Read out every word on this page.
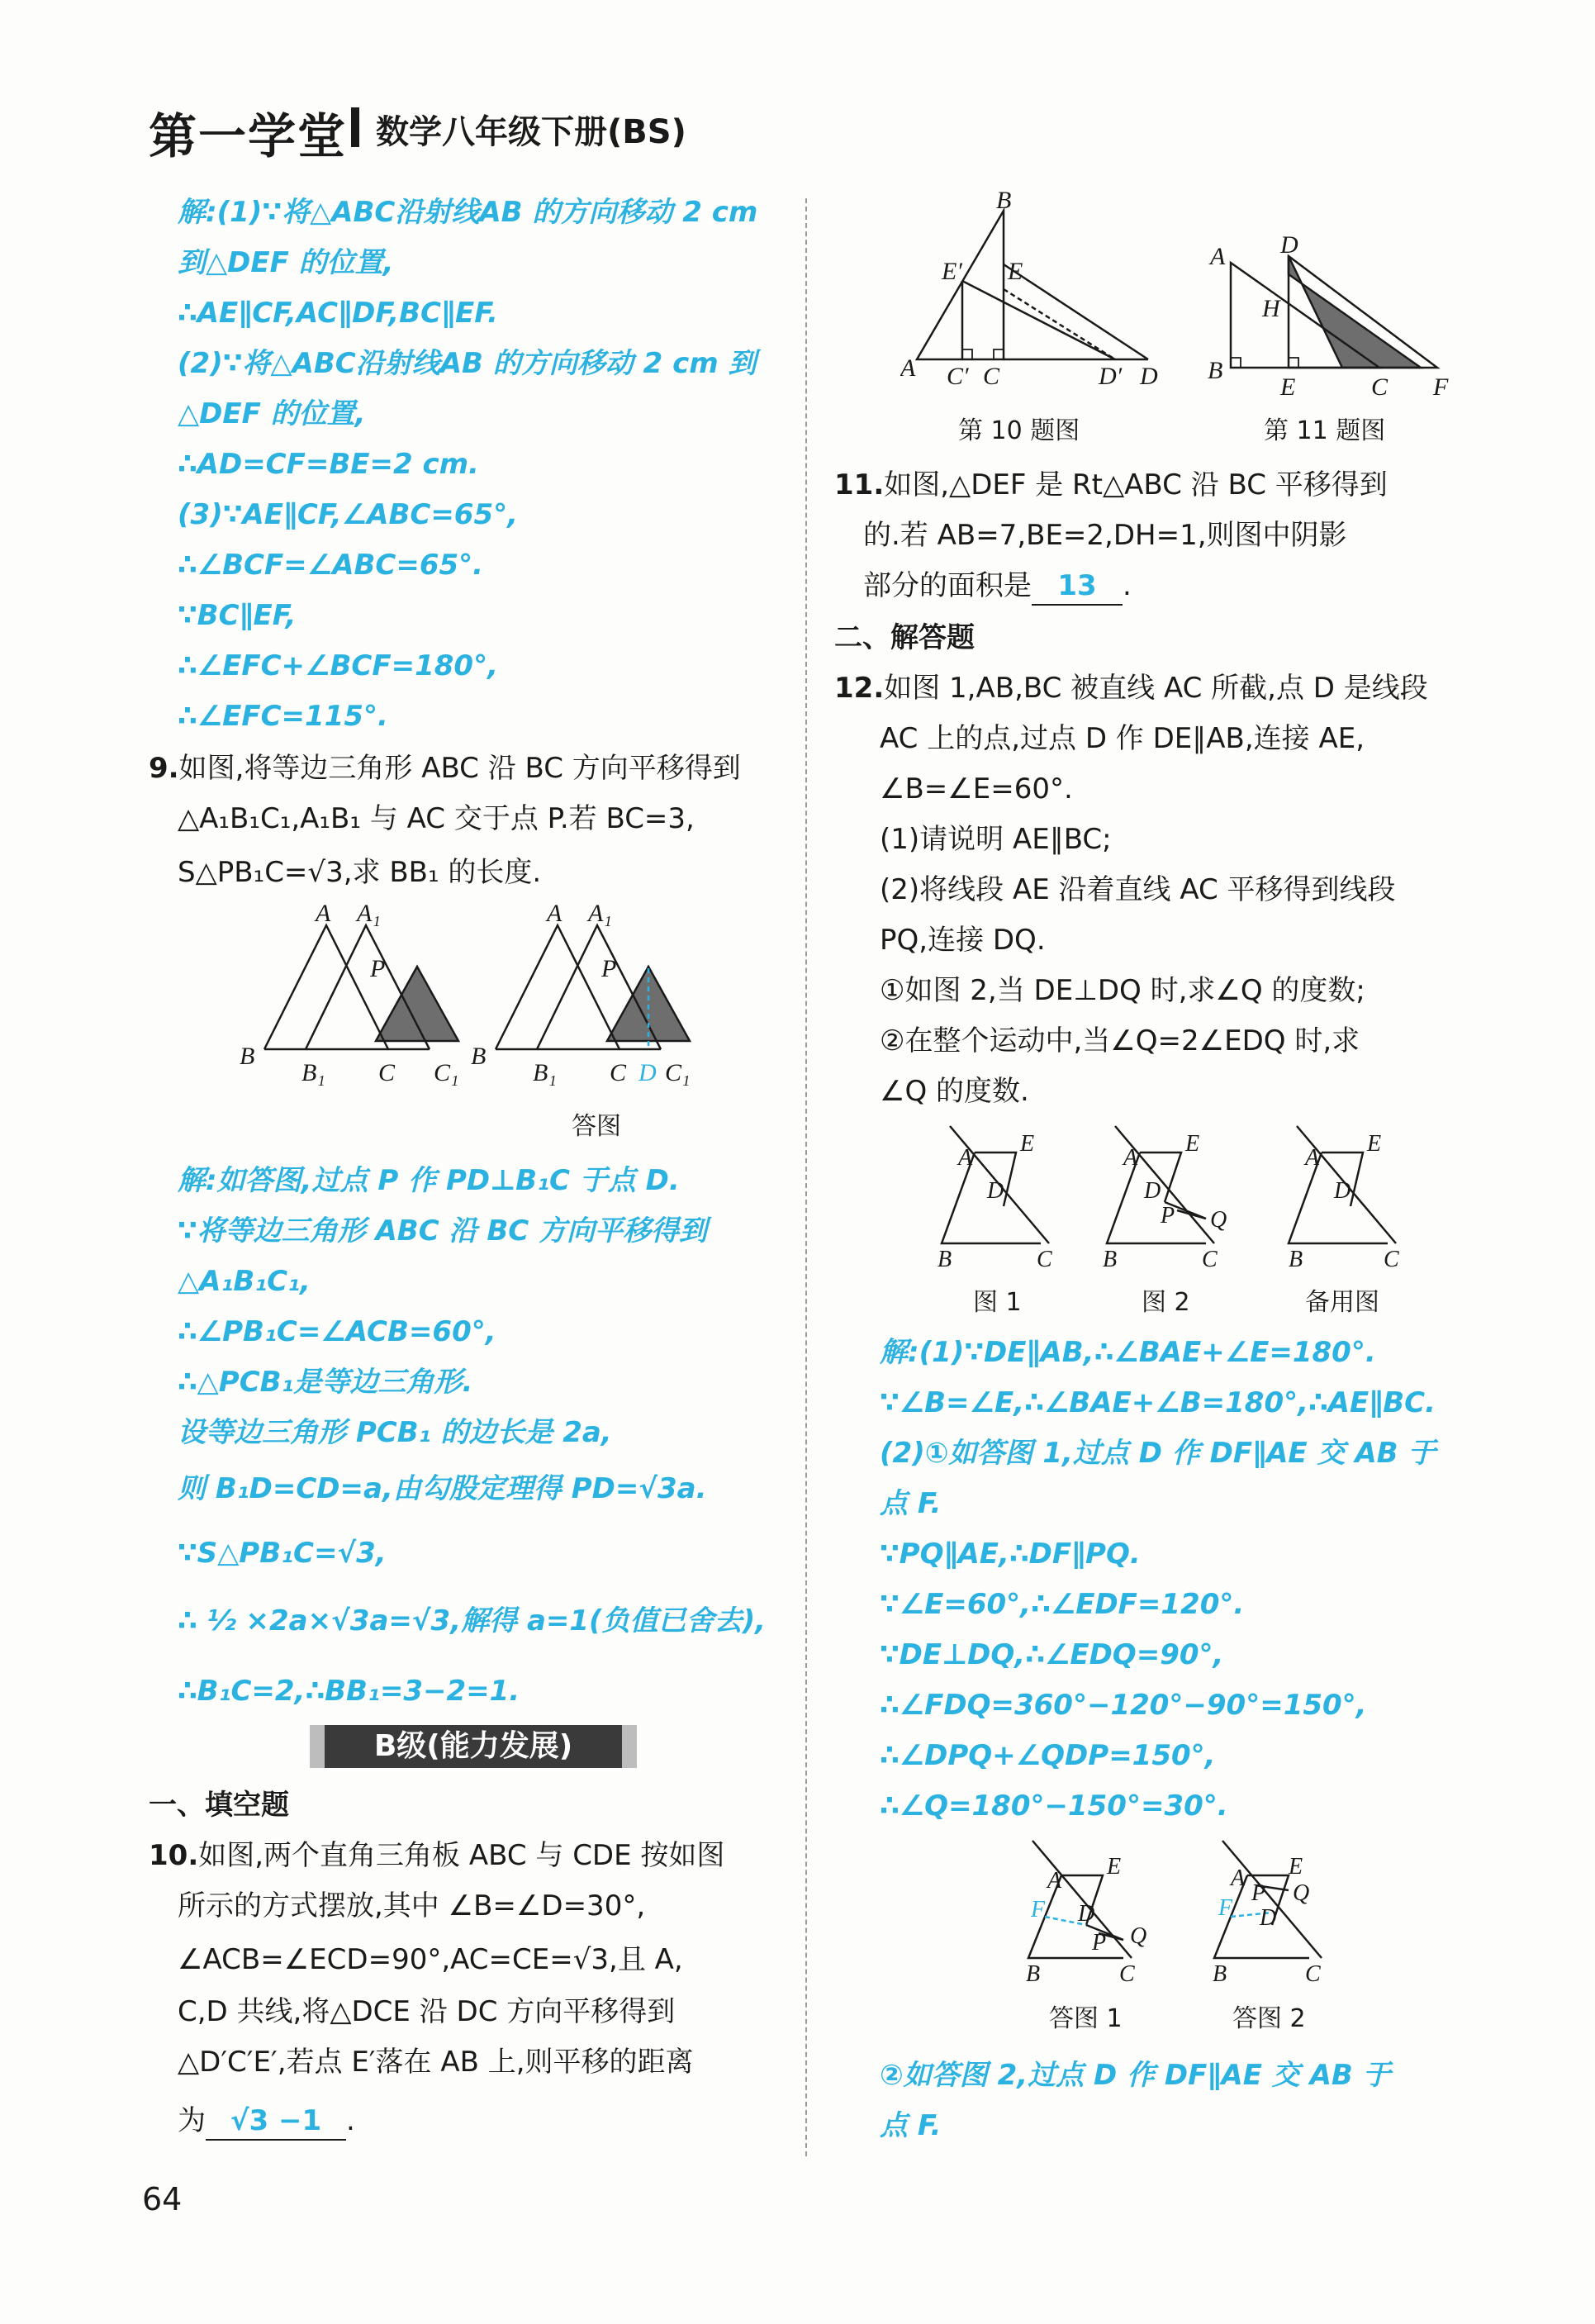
第一学堂 数学八年级下册(BS)
解:(1)∵将△ABC沿射线AB 的方向移动 2 cm
到△DEF 的位置,
∴AE∥CF,AC∥DF,BC∥EF.
(2)∵将△ABC沿射线AB 的方向移动 2 cm 到
△DEF 的位置,
∴AD=CF=BE=2 cm.
(3)∵AE∥CF,∠ABC=65°,
∴∠BCF=∠ABC=65°.
∵BC∥EF,
∴∠EFC+∠BCF=180°,
∴∠EFC=115°.
9.如图,将等边三角形 ABC 沿 BC 方向平移得到
△A₁B₁C₁,A₁B₁ 与 AC 交于点 P.若 BC=3,
S△PB₁C=√3,求 BB₁ 的长度.
A A₁
P
B
B₁ C C₁
A A₁
P
B
B₁	D
C C₁
答图
解:如答图,过点 P 作 PD⊥B₁C 于点 D.
∵将等边三角形 ABC 沿 BC 方向平移得到
△A₁B₁C₁,
∴∠PB₁C=∠ACB=60°,
∴△PCB₁是等边三角形.
设等边三角形 PCB₁ 的边长是 2a,
则 B₁D=CD=a,由勾股定理得 PD=√3a.
∵S△PB₁C=√3,
∴ ½ ×2a×√3a=√3,解得 a=1(负值已舍去),
∴B₁C=2,∴BB₁=3−2=1.
一、填空题
10.如图,两个直角三角板 ABC 与 CDE 按如图
所示的方式摆放,其中 ∠B=∠D=30°,
∠ACB=∠ECD=90°,AC=CE=√3,且 A,
C,D 共线,将△DCE 沿 DC 方向平移得到
△D′C′E′,若点 E′落在 AB 上,则平移的距离
为 √3 −1 .
B级(能力发展)
B
E′ E
A C′ C	D′ D
第 10 题图
A D
H
B
E	C F
第 11 题图
11.如图,△DEF 是 Rt△ABC 沿 BC 平移得到
的.若 AB=7,BE=2,DH=1,则图中阴影
部分的面积是 13 .
二、解答题
12.如图 1,AB,BC 被直线 AC 所截,点 D 是线段
AC 上的点,过点 D 作 DE∥AB,连接 AE,
∠B=∠E=60°.
(1)请说明 AE∥BC;
(2)将线段 AE 沿着直线 AC 平移得到线段
PQ,连接 DQ.
①如图 2,当 DE⊥DQ 时,求∠Q 的度数;
②在整个运动中,当∠Q=2∠EDQ 时,求
∠Q 的度数.
A
E
D
B	C
A
E
D
P Q
B	C
A
E
D
B	C
图 1	图 2	备用图
解:(1)∵DE∥AB,∴∠BAE+∠E=180°.
∵∠B=∠E,∴∠BAE+∠B=180°,∴AE∥BC.
(2)①如答图 1,过点 D 作 DF∥AE 交 AB 于
点 F.
∵PQ∥AE,∴DF∥PQ.
∵∠E=60°,∴∠EDF=120°.
∵DE⊥DQ,∴∠EDQ=90°,
∴∠FDQ=360°−120°−90°=150°,
∴∠DPQ+∠QDP=150°,
∴∠Q=180°−150°=30°.
A
E
D
P Q
F
B	C
A E
P Q
D
F
B	C
答图 1	答图 2
②如答图 2,过点 D 作 DF∥AE 交 AB 于
点 F.
64
